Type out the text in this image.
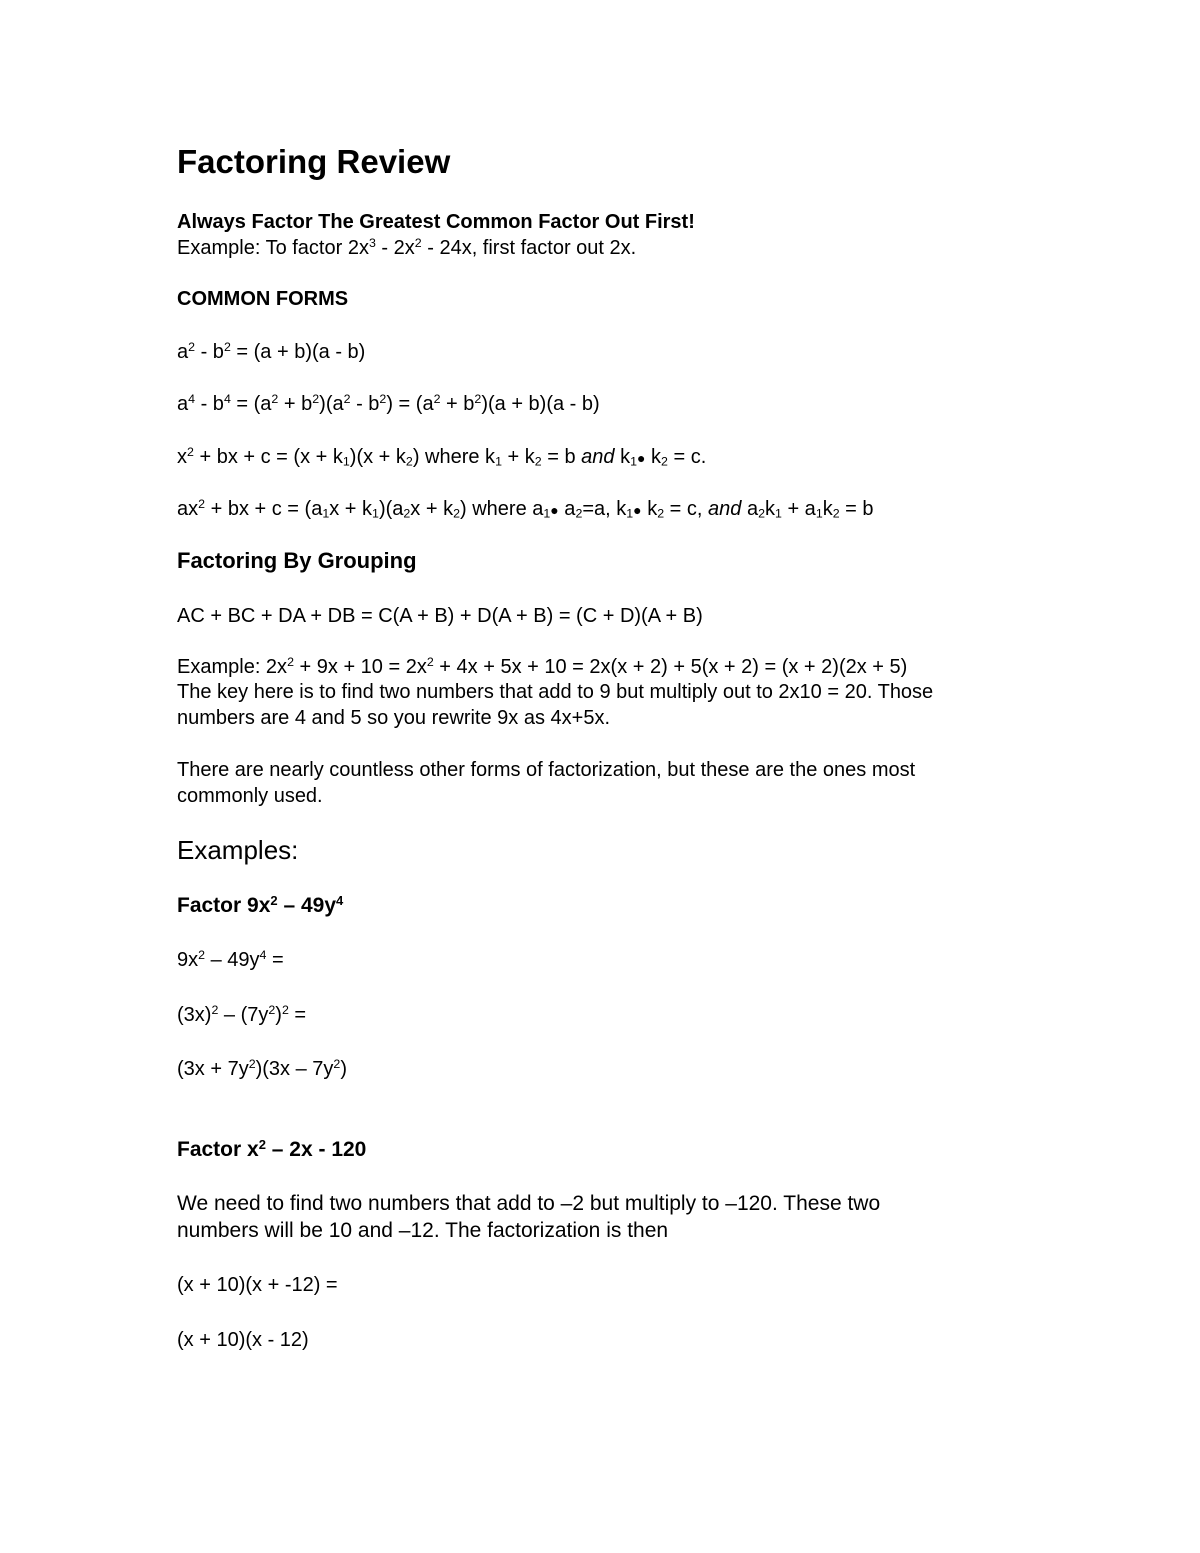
Factoring Review
Always Factor The Greatest Common Factor Out First!
Example: To factor $2x^3 - 2x^2 - 24x$, first factor out 2x.
COMMON FORMS
$a^2 - b^2 = (a + b)(a - b)$
$a^4 - b^4 = (a^2 + b^2)(a^2 - b^2) = (a^2 + b^2)(a + b)(a - b)$
$x^2$ + bx + $c = (x + k_1)(x + k_2)$ where $k_1 + k_2 = b$ and $k_1●$ $k_2 = c$.
$ax^2$ + bx + $c = (a_1x + k_1)(a_2x + k_2)$ where $a_1●$ $a_2=a$, $k_1●$ $k_2 = c$, and $a_2k_1 + a_1k_2 = b$
Factoring By Grouping
AC + BC + DA + DB = C(A + B) + D(A + B) = (C + D)(A + B)
Example: $2x^2 + 9x + 10 = 2x^2 + 4x + 5x + 10 = 2x(x + 2) + 5(x + 2) = (x + 2)(2x + 5)$
The key here is to find two numbers that add to 9 but multiply out to 2x10 = 20. Those
numbers are 4 and 5 so you rewrite 9x as 4x+5x.
There are nearly countless other forms of factorization, but these are the ones most
commonly used.
Examples:
Factor $9x^2 - 49y^4$
$9x^2 - 49y^4$ =
$(3x)^2 - (7y^2)^2$ =
$(3x + 7y^2)(3x - 7y^2)$
Factor $x^2 - 2x - 120$
We need to find two numbers that add to –2 but multiply to –120. These two
numbers will be 10 and –12. The factorization is then
(x + 10)(x + -12) =
(x + 10)(x - 12)
